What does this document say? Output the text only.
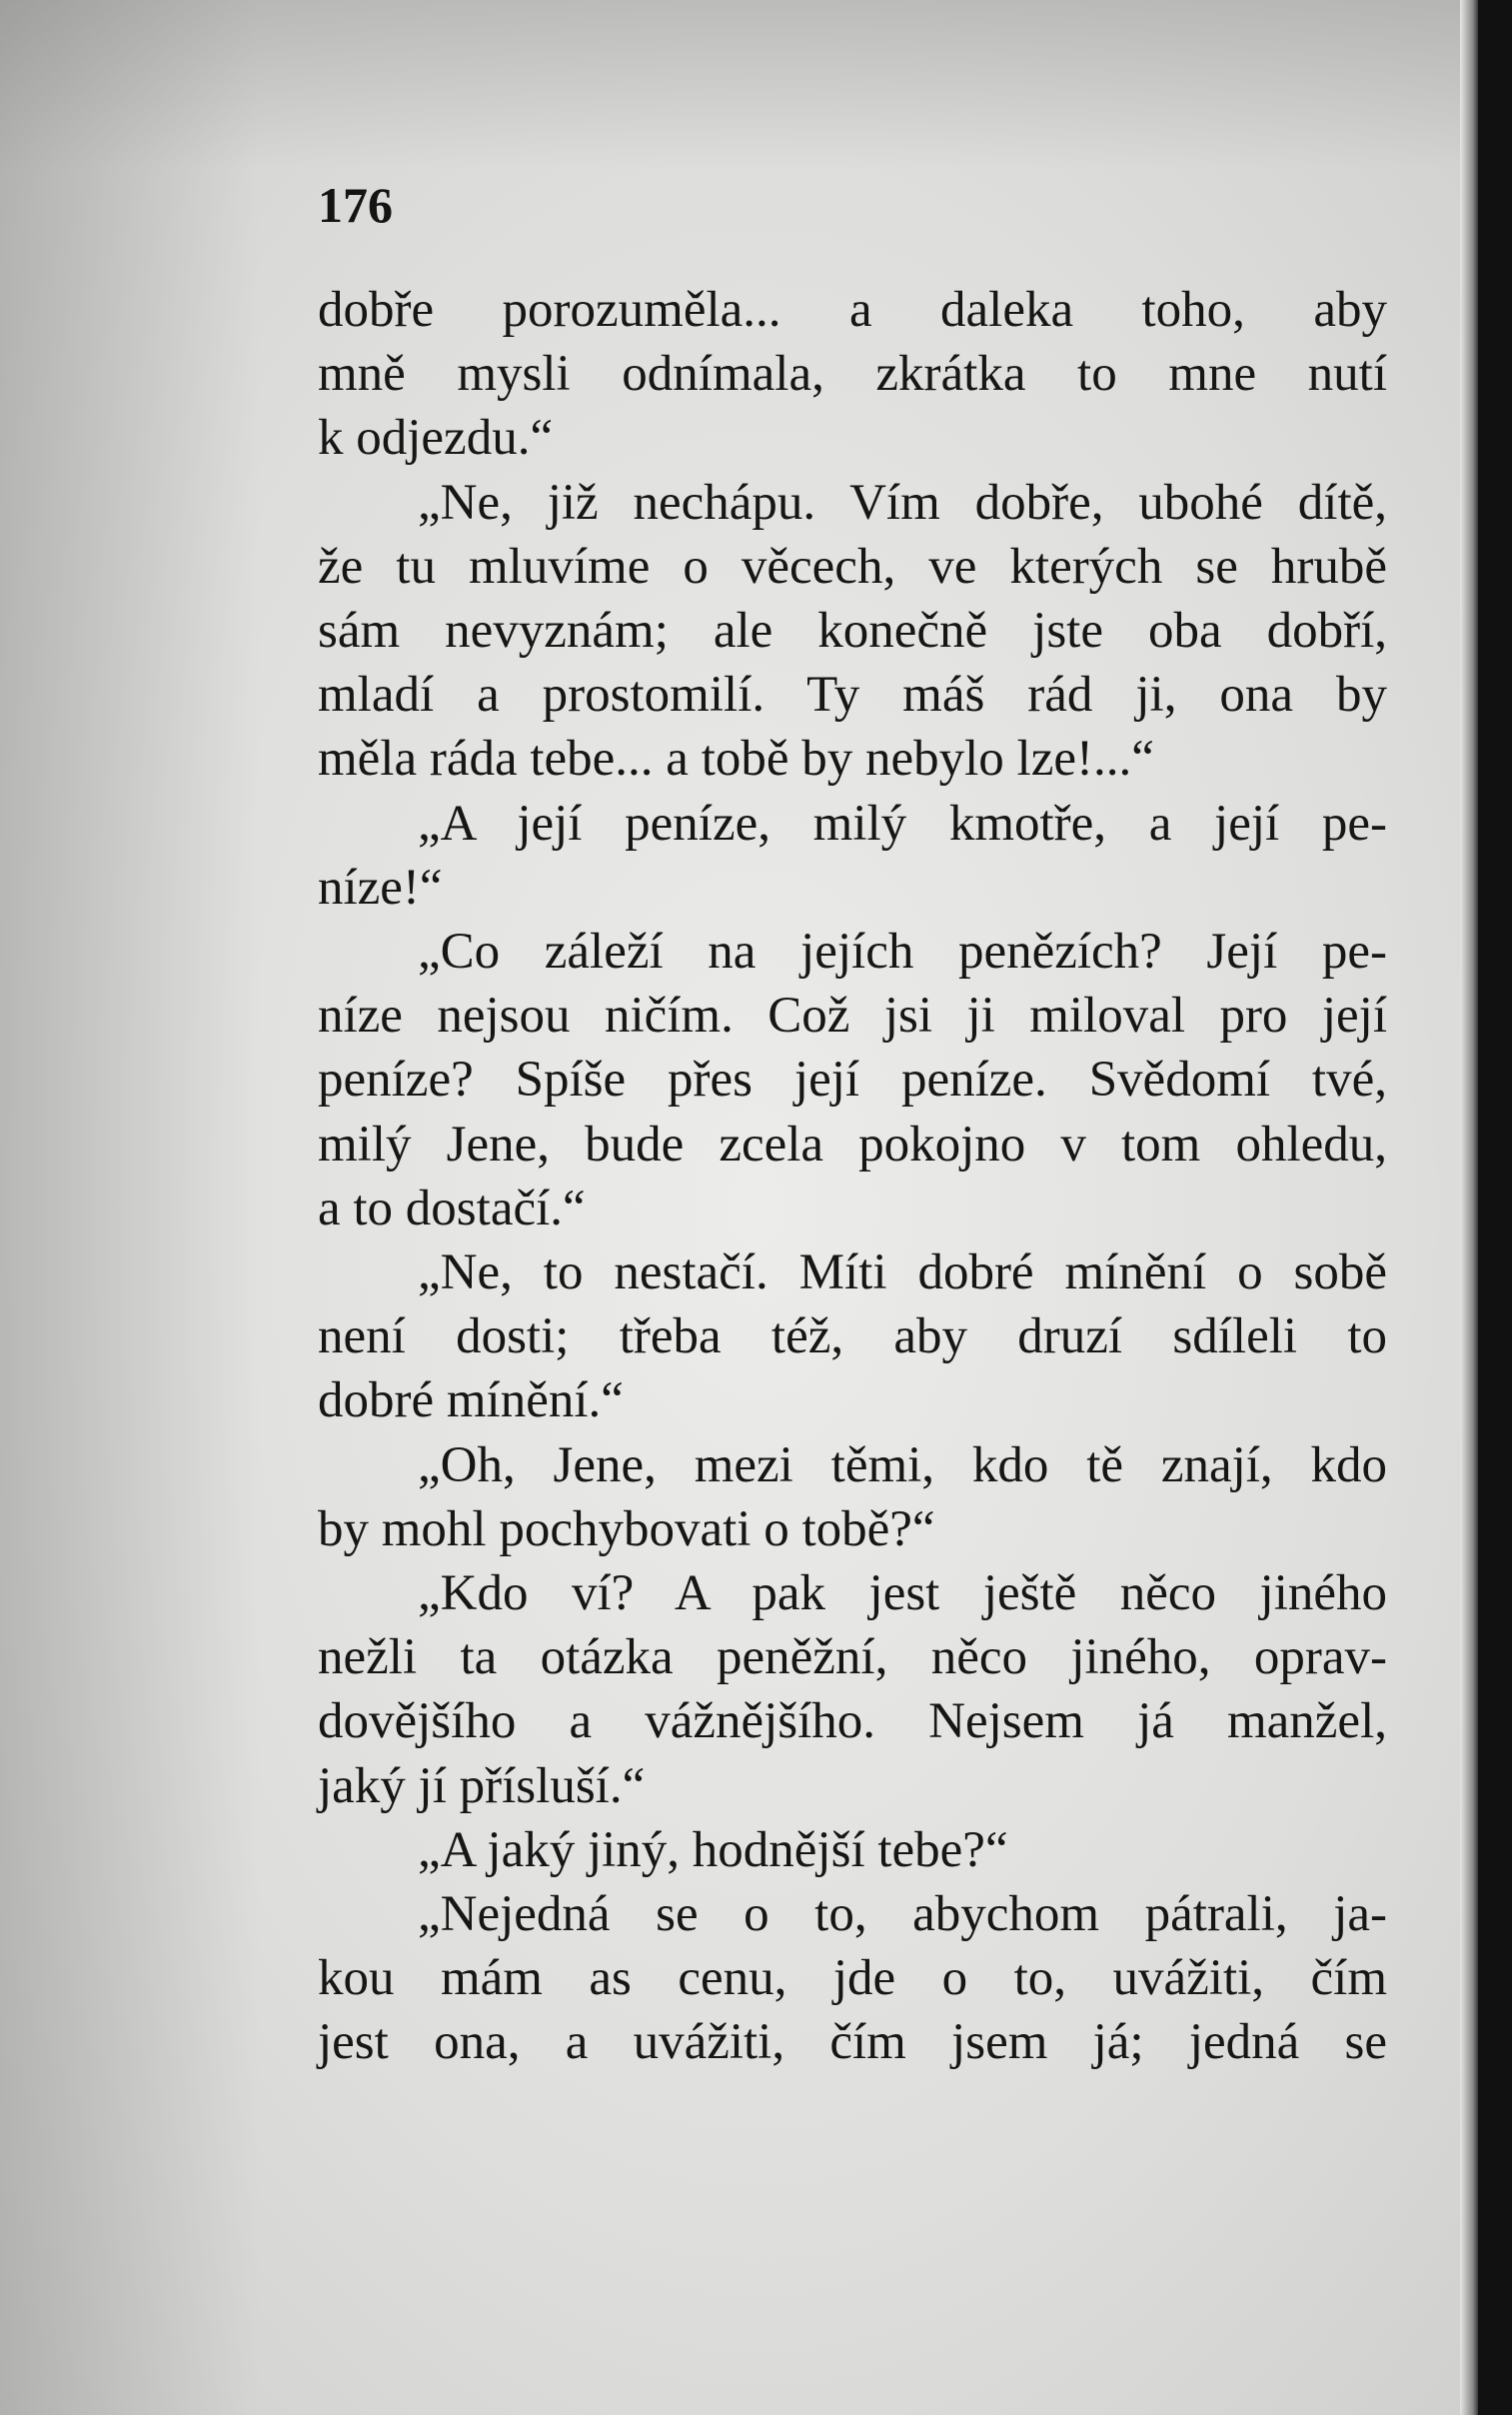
176
dobře porozuměla... a daleka toho, aby
mně mysli odnímala, zkrátka to mne nutí
k odjezdu.“
„Ne, již nechápu. Vím dobře, ubohé dítě,
že tu mluvíme o věcech, ve kterých se hrubě
sám nevyznám; ale konečně jste oba dobří,
mladí a prostomilí. Ty máš rád ji, ona by
měla ráda tebe... a tobě by nebylo lze!...“
„A její peníze, milý kmotře, a její pe-
níze!“
„Co záleží na jejích penězích? Její pe-
níze nejsou ničím. Což jsi ji miloval pro její
peníze? Spíše přes její peníze. Svědomí tvé,
milý Jene, bude zcela pokojno v tom ohledu,
a to dostačí.“
„Ne, to nestačí. Míti dobré mínění o sobě
není dosti; třeba též, aby druzí sdíleli to
dobré mínění.“
„Oh, Jene, mezi těmi, kdo tě znají, kdo
by mohl pochybovati o tobě?“
„Kdo ví? A pak jest ještě něco jiného
nežli ta otázka peněžní, něco jiného, oprav-
dovějšího a vážnějšího. Nejsem já manžel,
jaký jí přísluší.“
„A jaký jiný, hodnější tebe?“
„Nejedná se o to, abychom pátrali, ja-
kou mám as cenu, jde o to, uvážiti, čím
jest ona, a uvážiti, čím jsem já; jedná se
